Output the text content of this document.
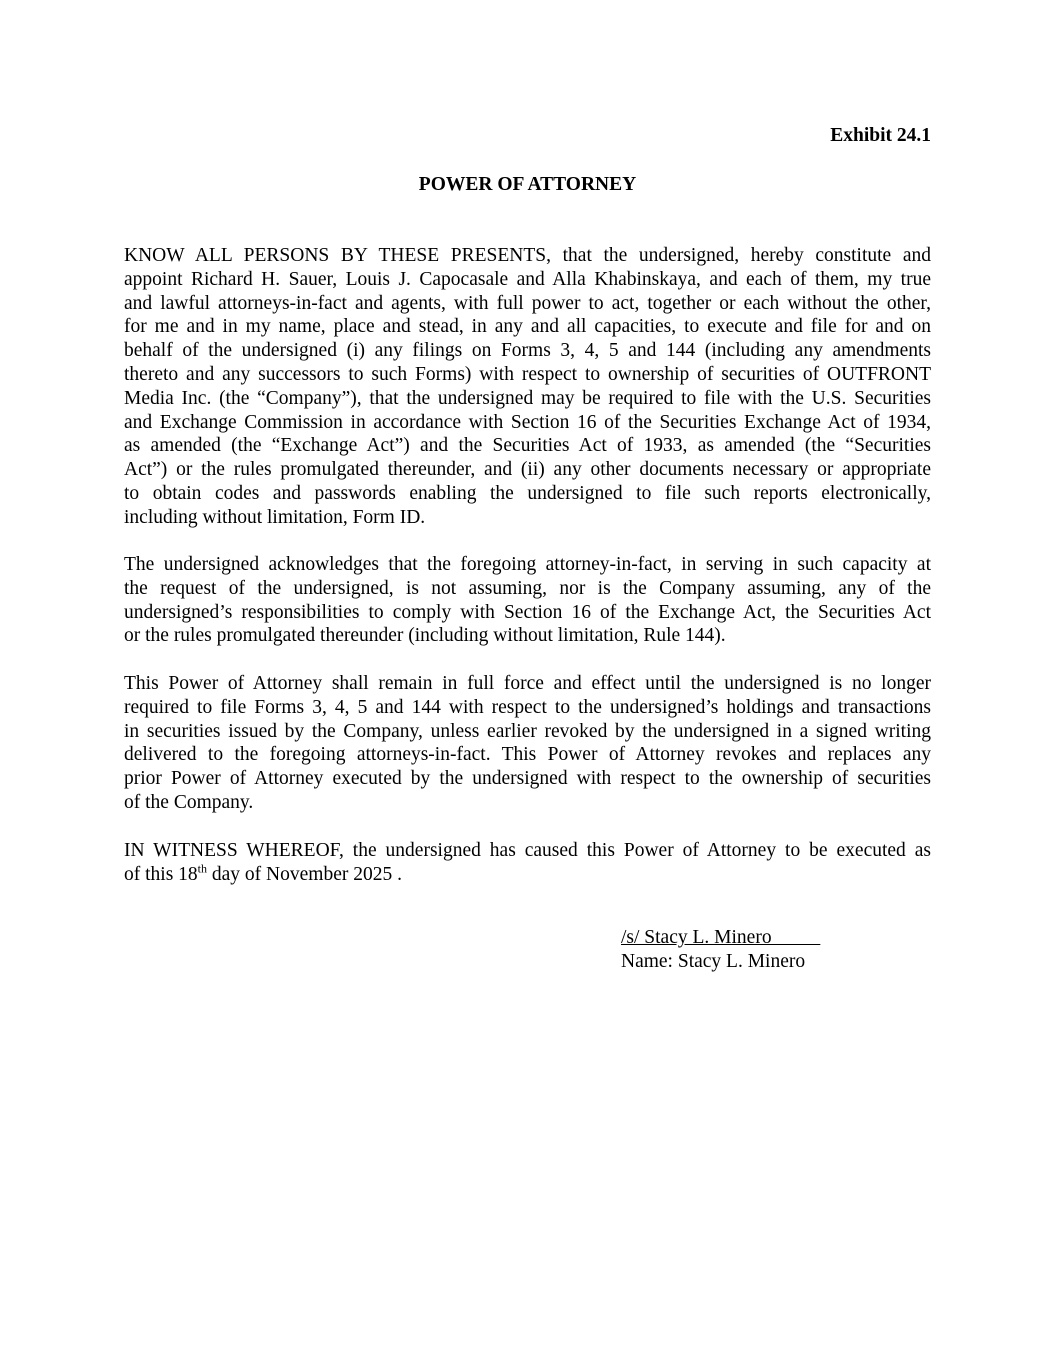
Exhibit 24.1
POWER OF ATTORNEY
KNOW ALL PERSONS BY THESE PRESENTS, that the undersigned, hereby constitute and
appoint Richard H. Sauer, Louis J. Capocasale and Alla Khabinskaya, and each of them, my true
and lawful attorneys-in-fact and agents, with full power to act, together or each without the other,
for me and in my name, place and stead, in any and all capacities, to execute and file for and on
behalf of the undersigned (i) any filings on Forms 3, 4, 5 and 144 (including any amendments
thereto and any successors to such Forms) with respect to ownership of securities of OUTFRONT
Media Inc. (the “Company”), that the undersigned may be required to file with the U.S. Securities
and Exchange Commission in accordance with Section 16 of the Securities Exchange Act of 1934,
as amended (the “Exchange Act”) and the Securities Act of 1933, as amended (the “Securities
Act”) or the rules promulgated thereunder, and (ii) any other documents necessary or appropriate
to obtain codes and passwords enabling the undersigned to file such reports electronically,
including without limitation, Form ID.
The undersigned acknowledges that the foregoing attorney-in-fact, in serving in such capacity at
the request of the undersigned, is not assuming, nor is the Company assuming, any of the
undersigned’s responsibilities to comply with Section 16 of the Exchange Act, the Securities Act
or the rules promulgated thereunder (including without limitation, Rule 144).
This Power of Attorney shall remain in full force and effect until the undersigned is no longer
required to file Forms 3, 4, 5 and 144 with respect to the undersigned’s holdings and transactions
in securities issued by the Company, unless earlier revoked by the undersigned in a signed writing
delivered to the foregoing attorneys-in-fact. This Power of Attorney revokes and replaces any
prior Power of Attorney executed by the undersigned with respect to the ownership of securities
of the Company.
IN WITNESS WHEREOF, the undersigned has caused this Power of Attorney to be executed as
of this 18th day of November 2025 .
/s/ Stacy L. Minero
Name: Stacy L. Minero
